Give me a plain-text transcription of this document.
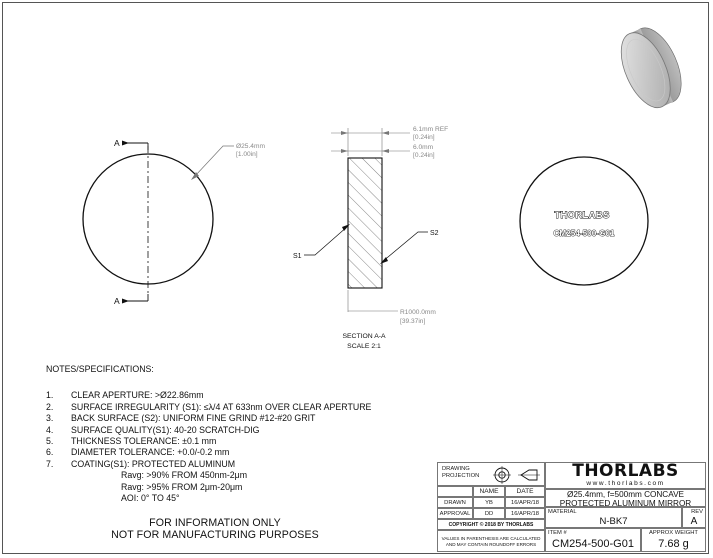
A
A
Ø25.4mm
[1.00in]
6.1mm REF
[0.24in]
6.0mm
[0.24in]
S1
S2
R1000.0mm
[39.37in]
SECTION A-A
SCALE 2:1
THORLABS
CM254-500-G01
NOTES/SPECIFICATIONS:
1.	CLEAR APERTURE: >Ø22.86mm
2.	SURFACE IRREGULARITY (S1): ≤λ/4 AT 633nm OVER CLEAR APERTURE
3.	BACK SURFACE (S2): UNIFORM FINE GRIND #12-#20 GRIT
4.	SURFACE QUALITY(S1): 40-20 SCRATCH-DIG
5.	THICKNESS TOLERANCE: ±0.1 mm
6.	DIAMETER TOLERANCE: +0.0/-0.2 mm
7.	COATING(S1): PROTECTED ALUMINUM
Ravg: >90% FROM 450nm-2μm
Ravg: >95% FROM 2μm-20μm
AOI: 0° TO 45°
FOR INFORMATION ONLY
NOT FOR MANUFACTURING PURPOSES
DRAWING PROJECTION
NAME	DATE
DRAWN	YB	16/APR/18
APPROVAL	DD	16/APR/18
COPYRIGHT © 2018 BY THORLABS
VALUES IN PARENTHESIS ARE CALCULATED
AND MAY CONTAIN ROUNDOFF ERRORS
THORLABS
www.thorlabs.com
Ø25.4mm, f=500mm CONCAVE
PROTECTED ALUMINUM MIRROR
MATERIAL
N-BK7
REV
A
ITEM #
CM254-500-G01
APPROX WEIGHT
7.68 g
